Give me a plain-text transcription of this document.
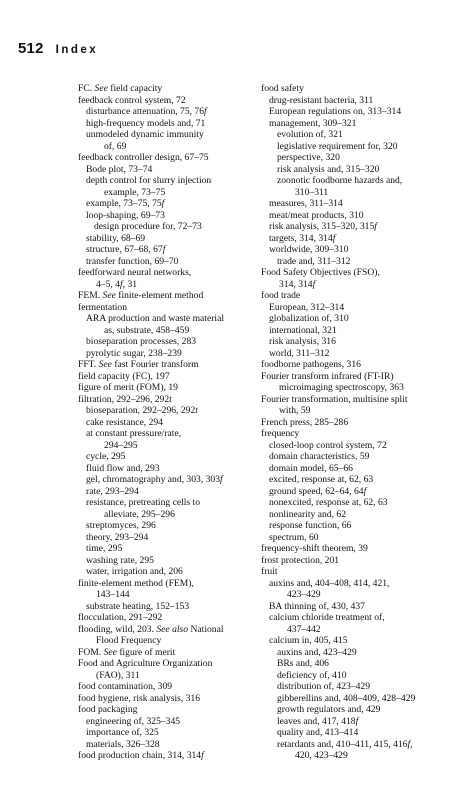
512 Index
FC. See field capacity
feedback control system, 72
disturbance attenuation, 75, 76f
high-frequency models and, 71
unmodeled dynamic immunity
of, 69
feedback controller design, 67–75
Bode plot, 73–74
depth control for slurry injection
example, 73–75
example, 73–75, 75f
loop-shaping, 69–73
design procedure for, 72–73
stability, 68–69
structure, 67–68, 67f
transfer function, 69–70
feedforward neural networks,
4–5, 4f, 31
FEM. See finite-element method
fermentation
ARA production and waste material
as, substrate, 458–459
bioseparation processes, 283
pyrolytic sugar, 238–239
FFT. See fast Fourier transform
field capacity (FC), 197
figure of merit (FOM), 19
filtration, 292–296, 292t
bioseparation, 292–296, 292t
cake resistance, 294
at constant pressure/rate,
294–295
cycle, 295
fluid flow and, 293
gel, chromatography and, 303, 303f
rate, 293–294
resistance, pretreating cells to
alleviate, 295–296
streptomyces, 296
theory, 293–294
time, 295
washing rate, 295
water, irrigation and, 206
finite-element method (FEM),
143–144
substrate heating, 152–153
flocculation, 291–292
flooding, wild, 203. See also National
Flood Frequency
FOM. See figure of merit
Food and Agriculture Organization
(FAO), 311
food contamination, 309
food hygiene, risk analysis, 316
food packaging
engineering of, 325–345
importance of, 325
materials, 326–328
food production chain, 314, 314f
food safety
drug-resistant bacteria, 311
European regulations on, 313–314
management, 309–321
evolution of, 321
legislative requirement for, 320
perspective, 320
risk analysis and, 315–320
zoonotic foodborne hazards and,
310–311
measures, 311–314
meat/meat products, 310
risk analysis, 315–320, 315f
targets, 314, 314f
worldwide, 309–310
trade and, 311–312
Food Safety Objectives (FSO),
314, 314f
food trade
European, 312–314
globalization of, 310
international, 321
risk analysis, 316
world, 311–312
foodborne pathogens, 316
Fourier transform infrared (FT-IR)
microimaging spectroscopy, 363
Fourier transformation, multisine split
with, 59
French press, 285–286
frequency
closed-loop control system, 72
domain characteristics, 59
domain model, 65–66
excited, response at, 62, 63
ground speed, 62–64, 64f
nonexcited, response at, 62, 63
nonlinearity and, 62
response function, 66
spectrum, 60
frequency-shift theorem, 39
frost protection, 201
fruit
auxins and, 404–408, 414, 421,
423–429
BA thinning of, 430, 437
calcium chloride treatment of,
437–442
calcium in, 405, 415
auxins and, 423–429
BRs and, 406
deficiency of, 410
distribution of, 423–429
gibberellins and, 408–409, 428–429
growth regulators and, 429
leaves and, 417, 418f
quality and, 413–414
retardants and, 410–411, 415, 416f,
420, 423–429
